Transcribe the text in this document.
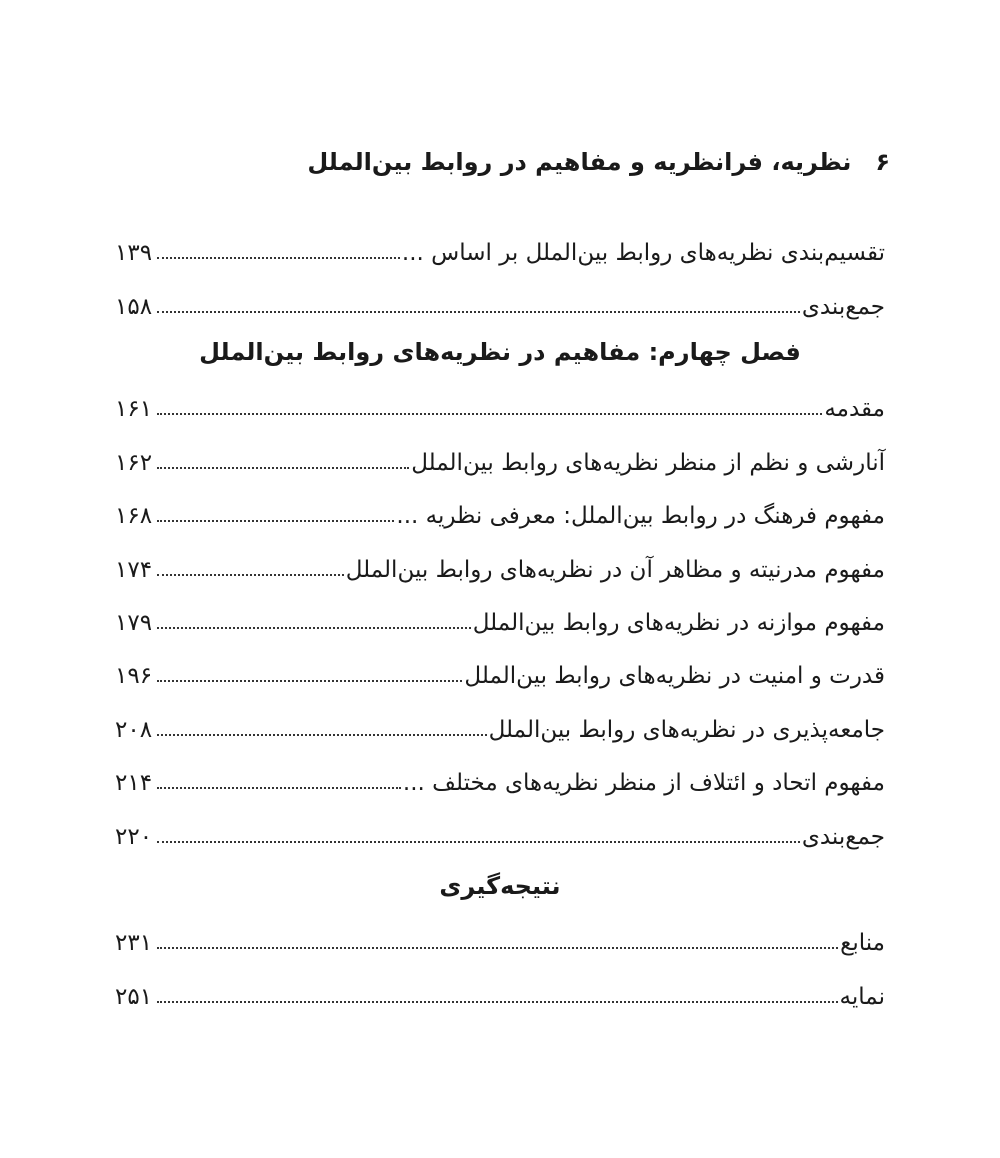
۶
نظریه، فرانظریه و مفاهیم در روابط بین‌الملل
تقسیم‌بندی نظریه‌های روابط بین‌الملل بر اساس ...
۱۳۹
جمع‌بندی
۱۵۸
فصل چهارم: مفاهیم در نظریه‌های روابط بین‌الملل
مقدمه
۱۶۱
آنارشی و نظم از منظر نظریه‌های روابط بین‌الملل
۱۶۲
مفهوم فرهنگ در روابط بین‌الملل: معرفی نظریه ...
۱۶۸
مفهوم مدرنیته و مظاهر آن در نظریه‌های روابط بین‌الملل
۱۷۴
مفهوم موازنه در نظریه‌های روابط بین‌الملل
۱۷۹
قدرت و امنیت در نظریه‌های روابط بین‌الملل
۱۹۶
جامعه‌پذیری در نظریه‌های روابط بین‌الملل
۲۰۸
مفهوم اتحاد و ائتلاف از منظر نظریه‌های مختلف ...
۲۱۴
جمع‌بندی
۲۲۰
نتیجه‌گیری
منابع
۲۳۱
نمایه
۲۵۱
